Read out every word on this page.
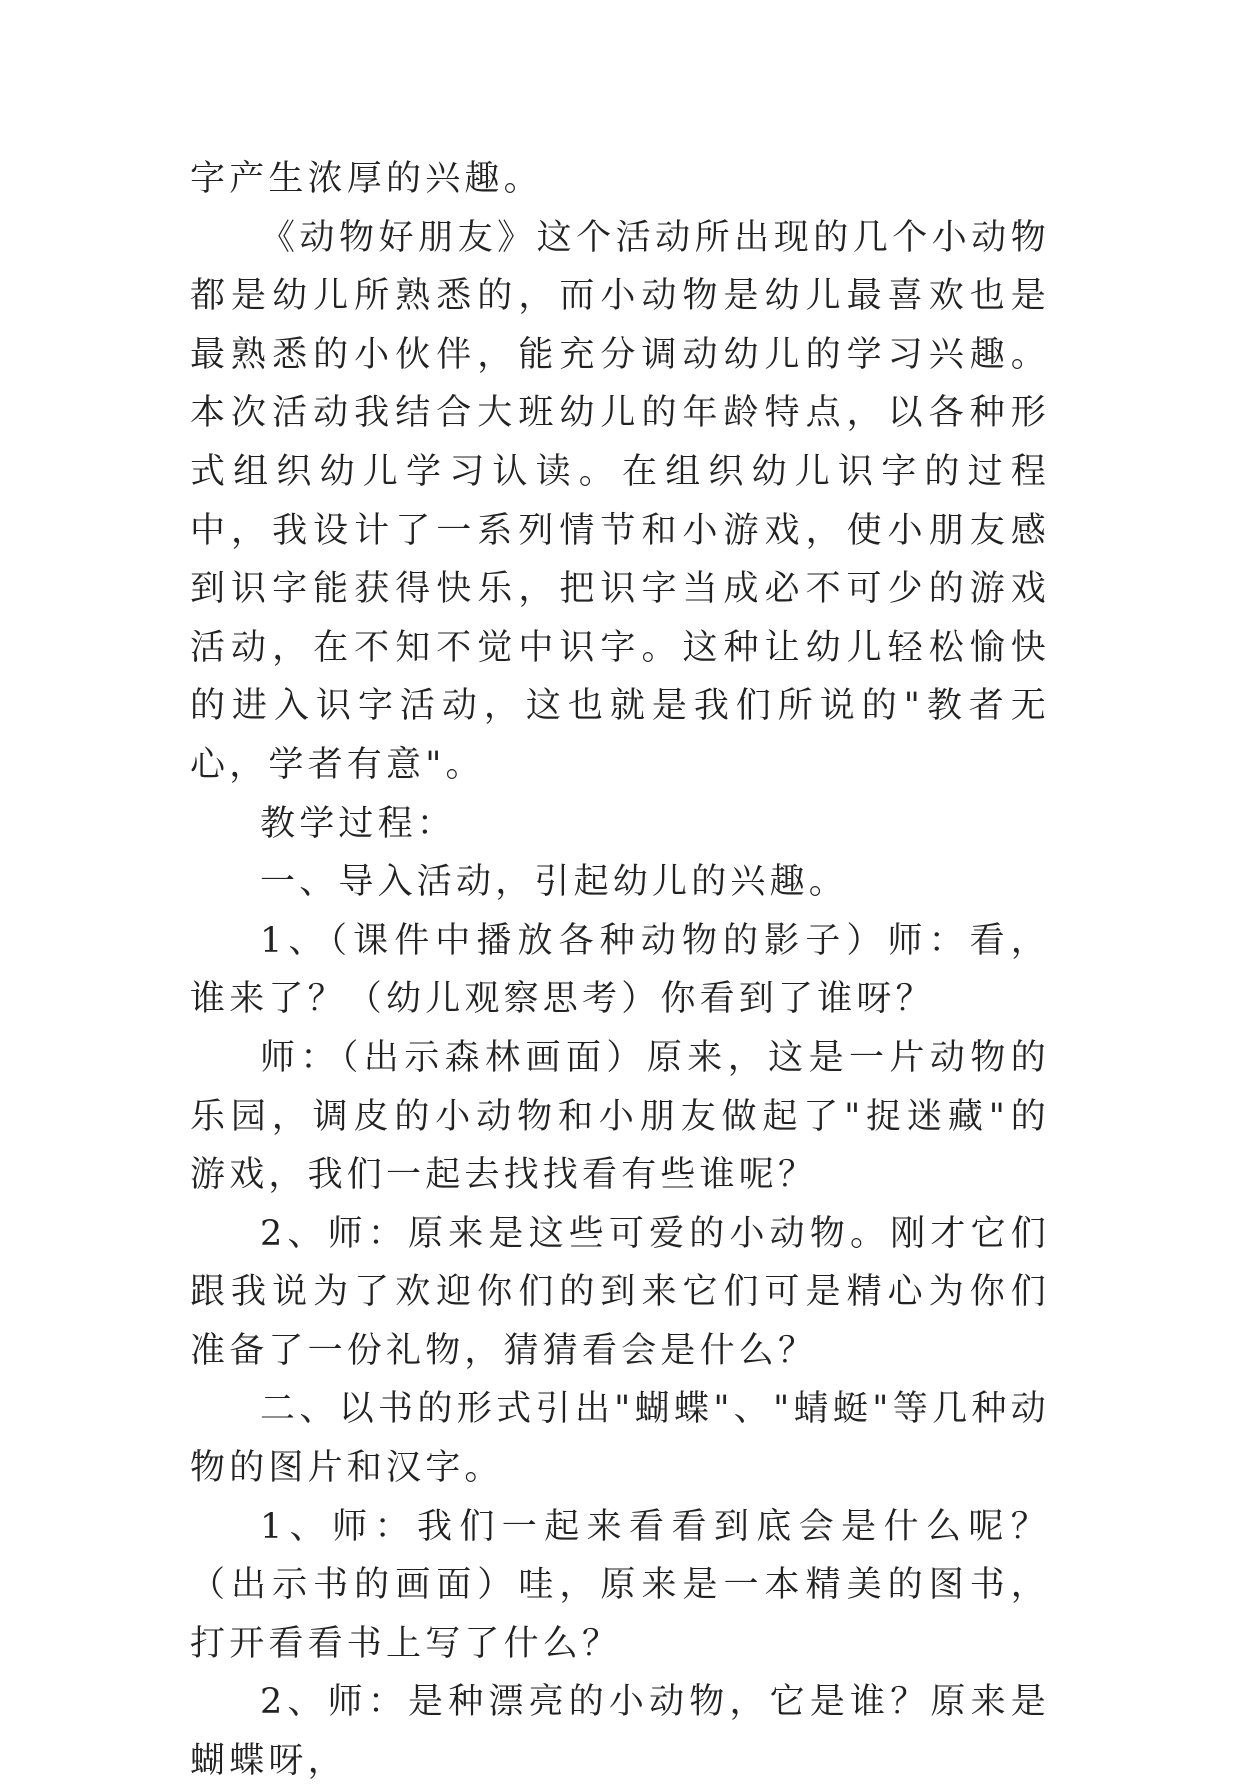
字产生浓厚的兴趣。

《动物好朋友》这个活动所出现的几个小动物都是幼儿所熟悉的，而小动物是幼儿最喜欢也是最熟悉的小伙伴，能充分调动幼儿的学习兴趣。本次活动我结合大班幼儿的年龄特点，以各种形式组织幼儿学习认读。在组织幼儿识字的过程中，我设计了一系列情节和小游戏，使小朋友感到识字能获得快乐，把识字当成必不可少的游戏活动，在不知不觉中识字。这种让幼儿轻松愉快的进入识字活动，这也就是我们所说的"教者无心，学者有意"。

教学过程：

一、导入活动，引起幼儿的兴趣。

1、（课件中播放各种动物的影子）师：看，谁来了？（幼儿观察思考）你看到了谁呀？

师：（出示森林画面）原来，这是一片动物的乐园，调皮的小动物和小朋友做起了"捉迷藏"的游戏，我们一起去找找看有些谁呢？

2、师：原来是这些可爱的小动物。刚才它们跟我说为了欢迎你们的到来它们可是精心为你们准备了一份礼物，猜猜看会是什么？

二、以书的形式引出"蝴蝶"、"蜻蜓"等几种动物的图片和汉字。

1、师：我们一起来看看到底会是什么呢？（出示书的画面）哇，原来是一本精美的图书，打开看看书上写了什么？

2、师：是种漂亮的小动物，它是谁？原来是蝴蝶呀，
